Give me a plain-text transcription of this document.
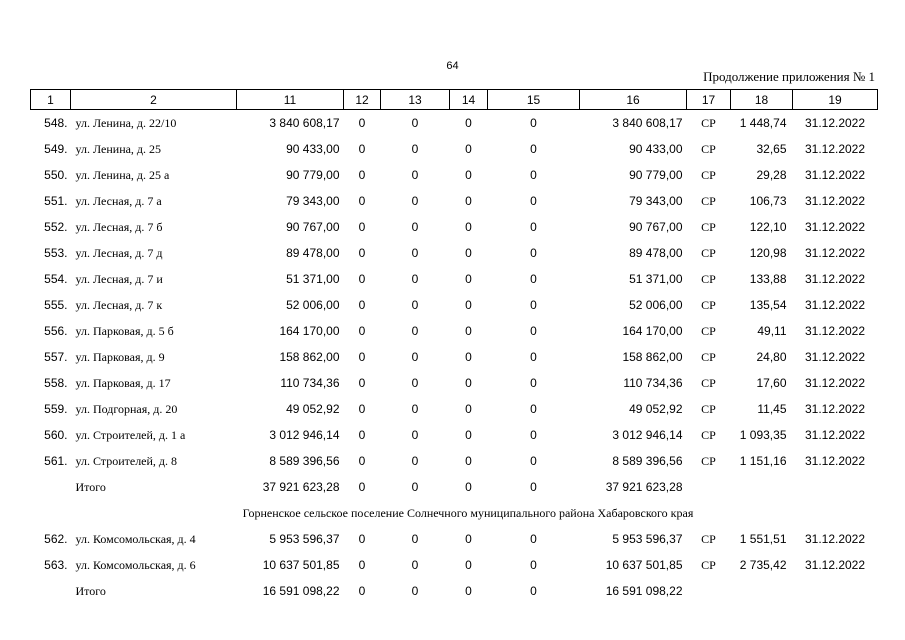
64
Продолжение приложения № 1
1	2	11	12	13	14	15	16	17	18	19
548.	ул. Ленина, д. 22/10	3 840 608,17	0	0	0	0	3 840 608,17	СР	1 448,74	31.12.2022
549.	ул. Ленина, д. 25	90 433,00	0	0	0	0	90 433,00	СР	32,65	31.12.2022
550.	ул. Ленина, д. 25 а	90 779,00	0	0	0	0	90 779,00	СР	29,28	31.12.2022
551.	ул. Лесная, д. 7 а	79 343,00	0	0	0	0	79 343,00	СР	106,73	31.12.2022
552.	ул. Лесная, д. 7 б	90 767,00	0	0	0	0	90 767,00	СР	122,10	31.12.2022
553.	ул. Лесная, д. 7 д	89 478,00	0	0	0	0	89 478,00	СР	120,98	31.12.2022
554.	ул. Лесная, д. 7 и	51 371,00	0	0	0	0	51 371,00	СР	133,88	31.12.2022
555.	ул. Лесная, д. 7 к	52 006,00	0	0	0	0	52 006,00	СР	135,54	31.12.2022
556.	ул. Парковая, д. 5 б	164 170,00	0	0	0	0	164 170,00	СР	49,11	31.12.2022
557.	ул. Парковая, д. 9	158 862,00	0	0	0	0	158 862,00	СР	24,80	31.12.2022
558.	ул. Парковая, д. 17	110 734,36	0	0	0	0	110 734,36	СР	17,60	31.12.2022
559.	ул. Подгорная, д. 20	49 052,92	0	0	0	0	49 052,92	СР	11,45	31.12.2022
560.	ул. Строителей, д. 1 а	3 012 946,14	0	0	0	0	3 012 946,14	СР	1 093,35	31.12.2022
561.	ул. Строителей, д. 8	8 589 396,56	0	0	0	0	8 589 396,56	СР	1 151,16	31.12.2022
	Итого	37 921 623,28	0	0	0	0	37 921 623,28			
Горненское сельское поселение Солнечного муниципального района Хабаровского края										
562.	ул. Комсомольская, д. 4	5 953 596,37	0	0	0	0	5 953 596,37	СР	1 551,51	31.12.2022
563.	ул. Комсомольская, д. 6	10 637 501,85	0	0	0	0	10 637 501,85	СР	2 735,42	31.12.2022
	Итого	16 591 098,22	0	0	0	0	16 591 098,22			
